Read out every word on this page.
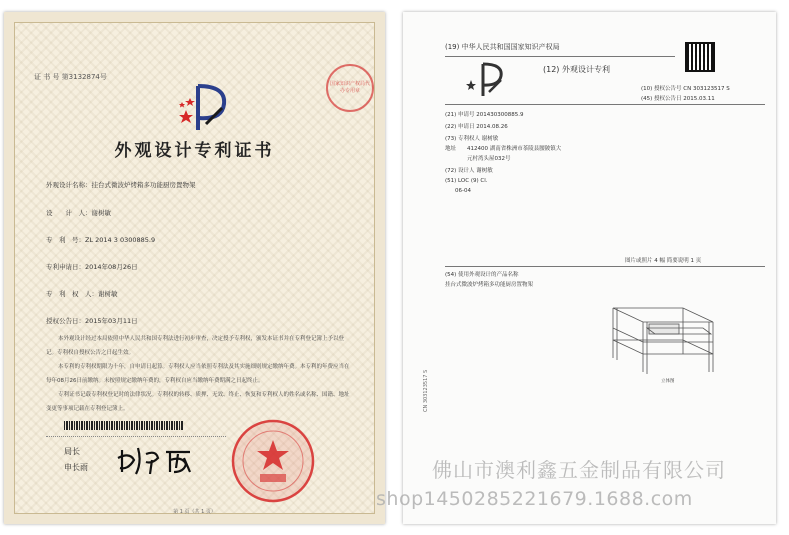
证 书 号 第3132874号
国家知识产权局代办专用章
外观设计专利证书
外观设计名称：挂台式微波炉烤箱多功能厨房置物架
设　　计　人：谢树敏
专　利　号：ZL 2014 3 0300885.9
专利申请日：2014年08月26日
专　利　权　人：谢树敏
授权公告日：2015年03月11日
本外观设计经过本局依照中华人民共和国专利法进行初步审查，决定授予专利权，颁发本证书并在专利登记簿上予以登记。专利权自授权公告之日起生效。
本专利的专利权期限为十年，自申请日起算。专利权人应当依照专利法及其实施细则规定缴纳年费。本专利的年费应当在每年08月26日前缴纳。未按照规定缴纳年费的，专利权自应当缴纳年费期满之日起终止。
专利证书记载专利权登记时的法律状况。专利权的转移、质押、无效、终止、恢复和专利权人的姓名或名称、国籍、地址变更等事项记载在专利登记簿上。
局长
申长雨
第 1 页（共 1 页）
(19) 中华人民共和国国家知识产权局
(12) 外观设计专利
(10) 授权公告号 CN 303123517 S
(45) 授权公告日 2015.03.11
(21) 申请号 201430300885.9
(22) 申请日 2014.08.26
(73) 专利权人 谢树敏
地址 412400 湖南省株洲市茶陵县腰陂镇大
元村湾头屋032号
(72) 设计人 谢树敏
(51) LOC (9) Cl.
06-04
图片或照片 4 幅 简要说明 1 页
(54) 使用外观设计的产品名称
挂台式微波炉烤箱多功能厨房置物架
立体图
CN 303123517 S
佛山市澳利鑫五金制品有限公司
shop1450285221679.1688.com
